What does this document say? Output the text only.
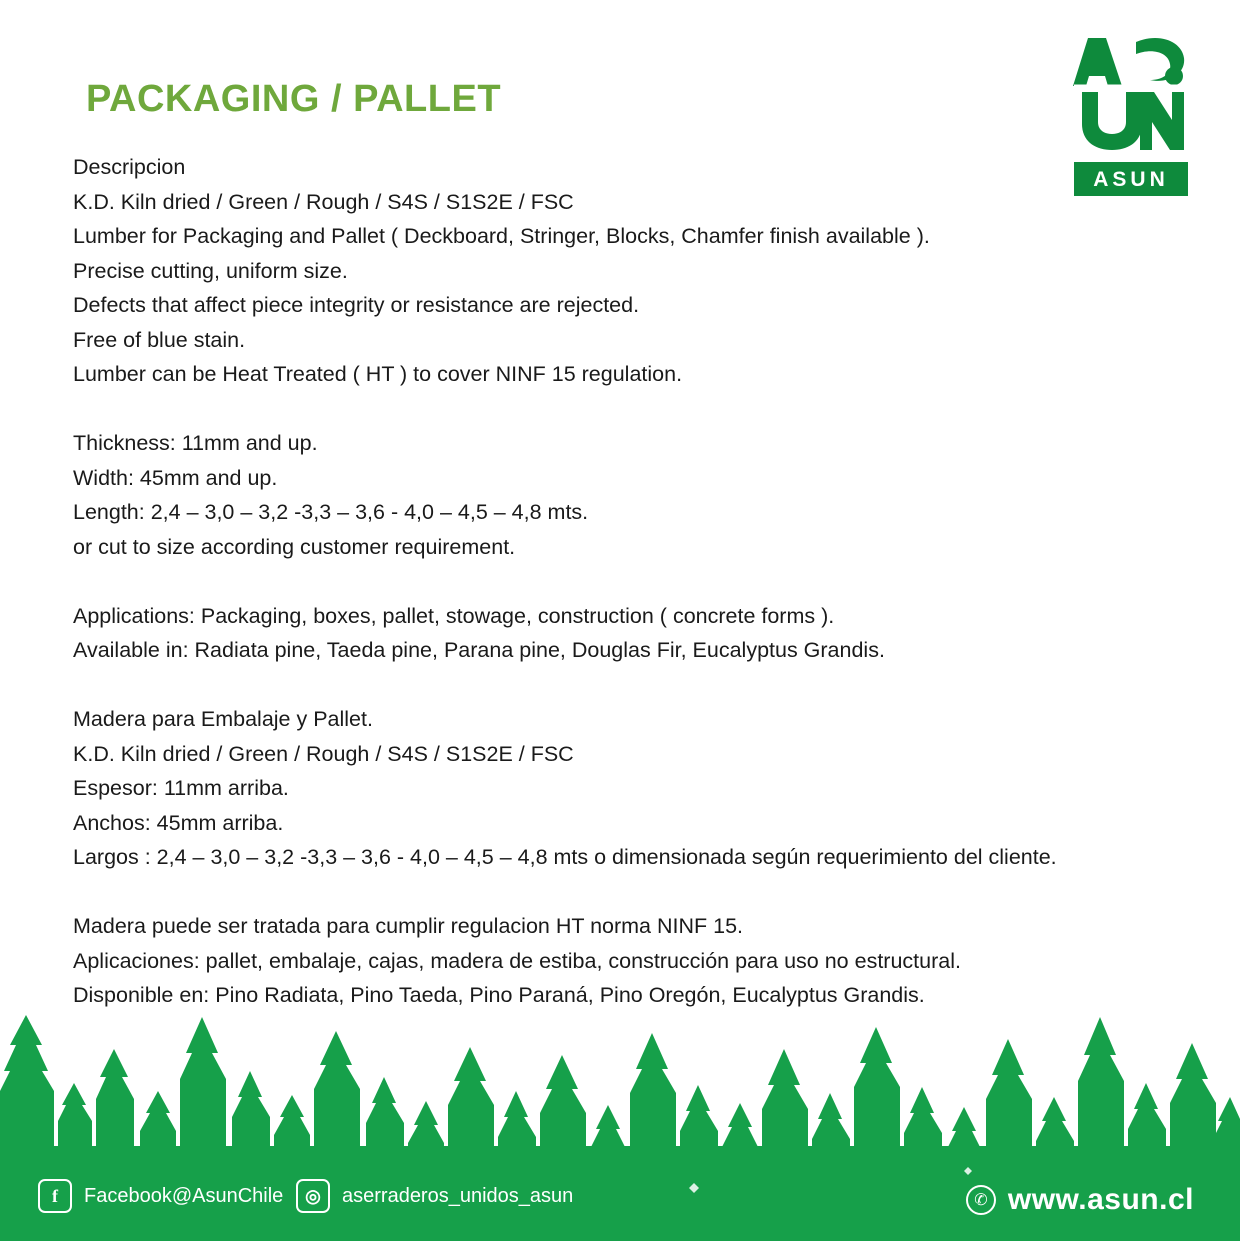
PACKAGING / PALLET
ASUN

Descripcion

K.D. Kiln dried / Green / Rough / S4S / S1S2E / FSC

Lumber for Packaging and Pallet ( Deckboard, Stringer, Blocks, Chamfer finish available ).

Precise cutting, uniform size.

Defects that affect piece integrity or resistance are rejected.

Free of blue stain.

Lumber can be Heat Treated ( HT ) to cover NINF 15 regulation.

Thickness: 11mm and up.

Width: 45mm and up.

Length: 2,4 – 3,0 – 3,2 -3,3 – 3,6 - 4,0 – 4,5 – 4,8 mts.

or cut to size according customer requirement.

Applications: Packaging, boxes, pallet, stowage, construction ( concrete forms ).

Available in: Radiata pine, Taeda pine, Parana pine, Douglas Fir, Eucalyptus Grandis.

Madera para Embalaje y Pallet.

K.D. Kiln dried / Green / Rough / S4S / S1S2E / FSC

Espesor: 11mm arriba.

Anchos: 45mm arriba.

Largos : 2,4 – 3,0 – 3,2 -3,3 – 3,6 - 4,0 – 4,5 – 4,8 mts o dimensionada según requerimiento del cliente.

Madera puede ser tratada para cumplir regulacion HT norma NINF 15.

Aplicaciones: pallet, embalaje, cajas, madera de estiba, construcción para uso no estructural.

Disponible en: Pino Radiata, Pino Taeda, Pino Paraná, Pino Oregón, Eucalyptus Grandis.

f	Facebook@AsunChile	◎	aserraderos_unidos_asun	✆ www.asun.cl
